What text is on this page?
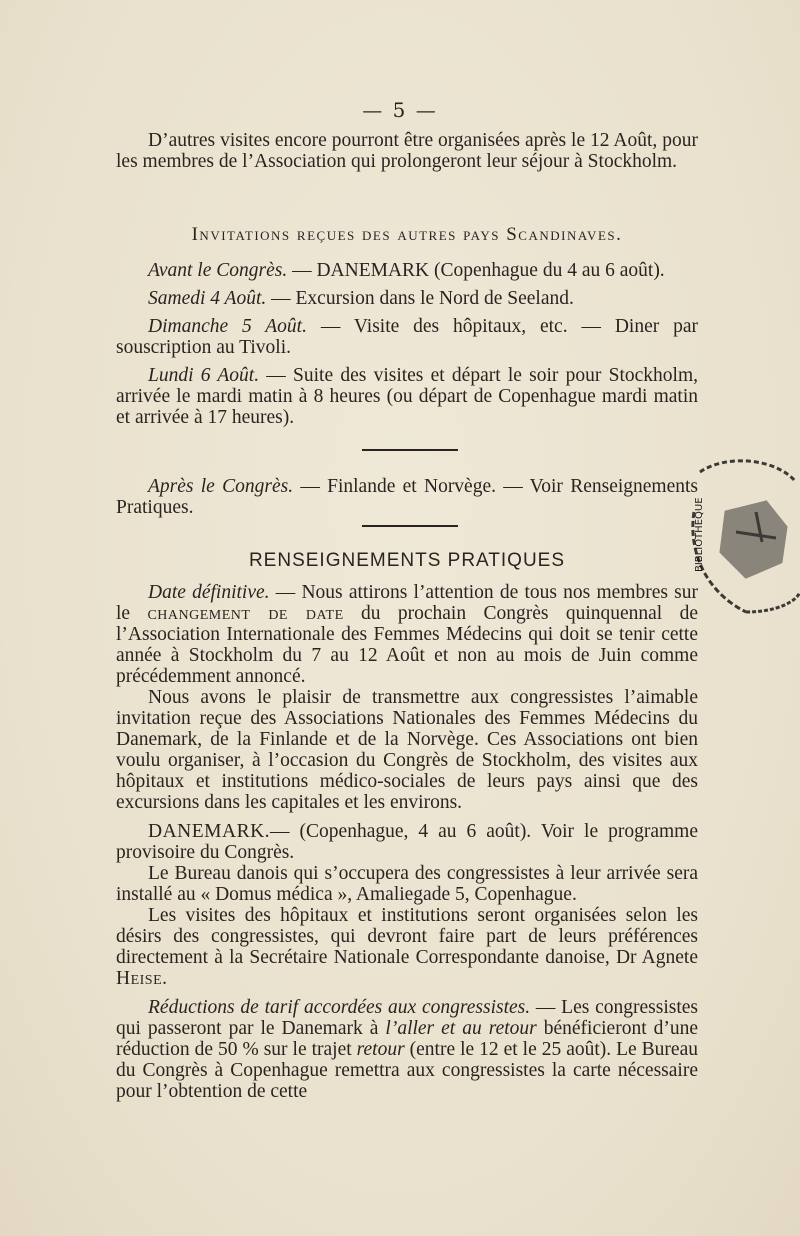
— 5 —

D’autres visites encore pourront être organisées après le 12 Août, pour les membres de l’Association qui prolongeront leur séjour à Stockholm.

Invitations reçues des autres pays Scandinaves.

Avant le Congrès. — DANEMARK (Copenhague du 4 au 6 août).

Samedi 4 Août. — Excursion dans le Nord de Seeland.

Dimanche 5 Août. — Visite des hôpitaux, etc. — Diner par souscription au Tivoli.

Lundi 6 Août. — Suite des visites et départ le soir pour Stockholm, arrivée le mardi matin à 8 heures (ou départ de Copenhague mardi matin et arrivée à 17 heures).

Après le Congrès. — Finlande et Norvège. — Voir Renseignements Pratiques.

RENSEIGNEMENTS PRATIQUES

Date définitive. — Nous attirons l’attention de tous nos membres sur le changement de date du prochain Congrès quinquennal de l’Association Internationale des Femmes Médecins qui doit se tenir cette année à Stockholm du 7 au 12 Août et non au mois de Juin comme précédemment annoncé.

Nous avons le plaisir de transmettre aux congressistes l’aimable invitation reçue des Associations Nationales des Femmes Médecins du Danemark, de la Finlande et de la Norvège. Ces Associations ont bien voulu organiser, à l’occasion du Congrès de Stockholm, des visites aux hôpitaux et institutions médico-sociales de leurs pays ainsi que des excursions dans les capitales et les environs.

DANEMARK.— (Copenhague, 4 au 6 août). Voir le programme provisoire du Congrès.

Le Bureau danois qui s’occupera des congressistes à leur arrivée sera installé au « Domus médica », Amaliegade 5, Copenhague.

Les visites des hôpitaux et institutions seront organisées selon les désirs des congressistes, qui devront faire part de leurs préférences directement à la Secrétaire Nationale Correspondante danoise, Dr Agnete Heise.

Réductions de tarif accordées aux congressistes. — Les congressistes qui passeront par le Danemark à l’aller et au retour bénéficieront d’une réduction de 50 % sur le trajet retour (entre le 12 et le 25 août). Le Bureau du Congrès à Copenhague remettra aux congressistes la carte nécessaire pour l’obtention de cette

BIBLIOTHÈQUE
